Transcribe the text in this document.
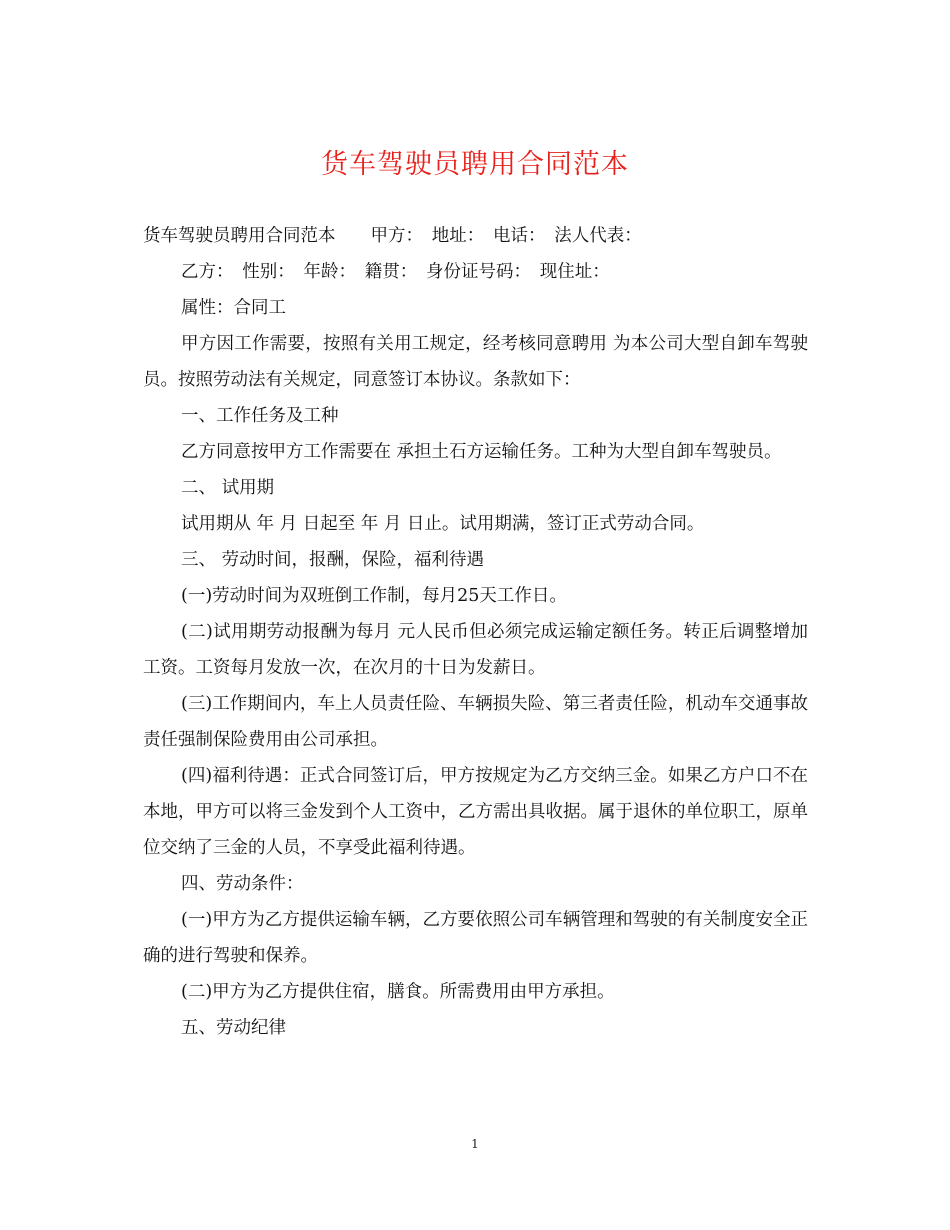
货车驾驶员聘用合同范本

货车驾驶员聘用合同范本　　甲方：　地址：　电话：　法人代表：

乙方：　性别：　年龄：　籍贯：　身份证号码：　现住址：

属性：合同工

甲方因工作需要，按照有关用工规定，经考核同意聘用 为本公司大型自卸车驾驶员。按照劳动法有关规定，同意签订本协议。条款如下：

一、工作任务及工种

乙方同意按甲方工作需要在 承担土石方运输任务。工种为大型自卸车驾驶员。

二、 试用期

试用期从 年 月 日起至 年 月 日止。试用期满，签订正式劳动合同。

三、 劳动时间，报酬，保险，福利待遇

(一)劳动时间为双班倒工作制，每月25天工作日。

(二)试用期劳动报酬为每月 元人民币但必须完成运输定额任务。转正后调整增加工资。工资每月发放一次，在次月的十日为发薪日。

(三)工作期间内，车上人员责任险、车辆损失险、第三者责任险，机动车交通事故责任强制保险费用由公司承担。

(四)福利待遇：正式合同签订后，甲方按规定为乙方交纳三金。如果乙方户口不在本地，甲方可以将三金发到个人工资中，乙方需出具收据。属于退休的单位职工，原单位交纳了三金的人员，不享受此福利待遇。

四、劳动条件：

(一)甲方为乙方提供运输车辆，乙方要依照公司车辆管理和驾驶的有关制度安全正确的进行驾驶和保养。

(二)甲方为乙方提供住宿，膳食。所需费用由甲方承担。

五、劳动纪律

1
